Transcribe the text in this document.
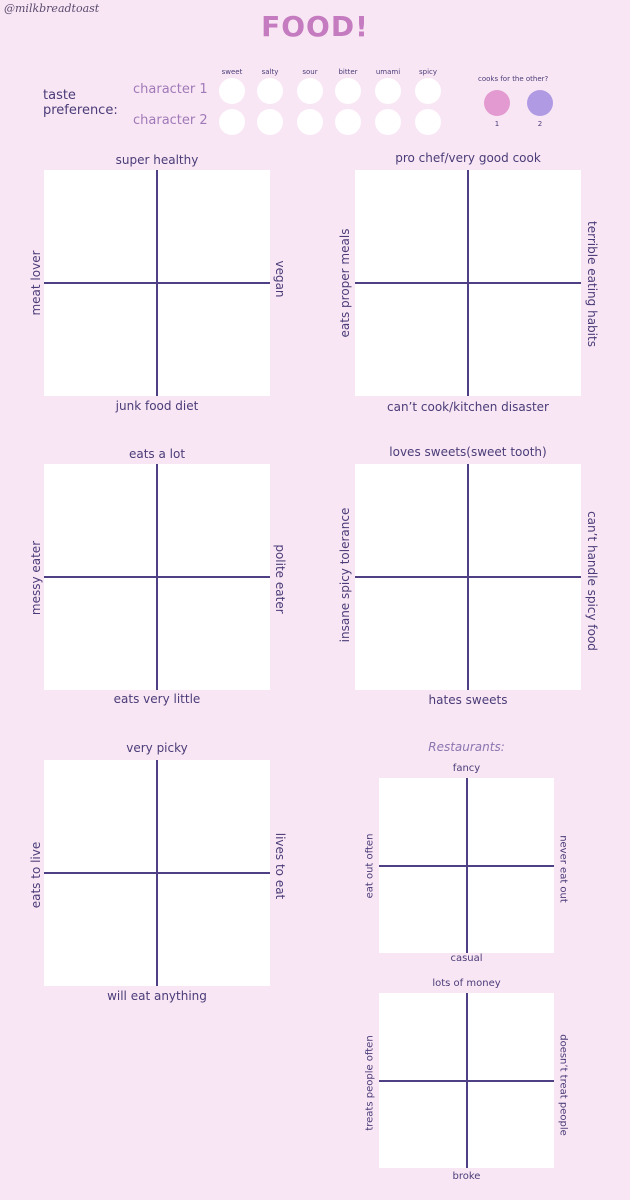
@milkbreadtoast
FOOD!
taste
preference:
character 1
character 2
sweet	salty	sour	bitter	umami	spicy
cooks for the other?
1	2
super healthy
junk food diet
meat lover	vegan
pro chef/very good cook
can’t cook/kitchen disaster
eats proper meals	terrible eating habits
eats a lot
eats very little
messy eater	polite eater
loves sweets(sweet tooth)
hates sweets
insane spicy tolerance	can’t handle spicy food
very picky
will eat anything
eats to live	lives to eat
Restaurants:
fancy
casual
eat out often	never eat out
lots of money
broke
treats people often	doesn’t treat people
